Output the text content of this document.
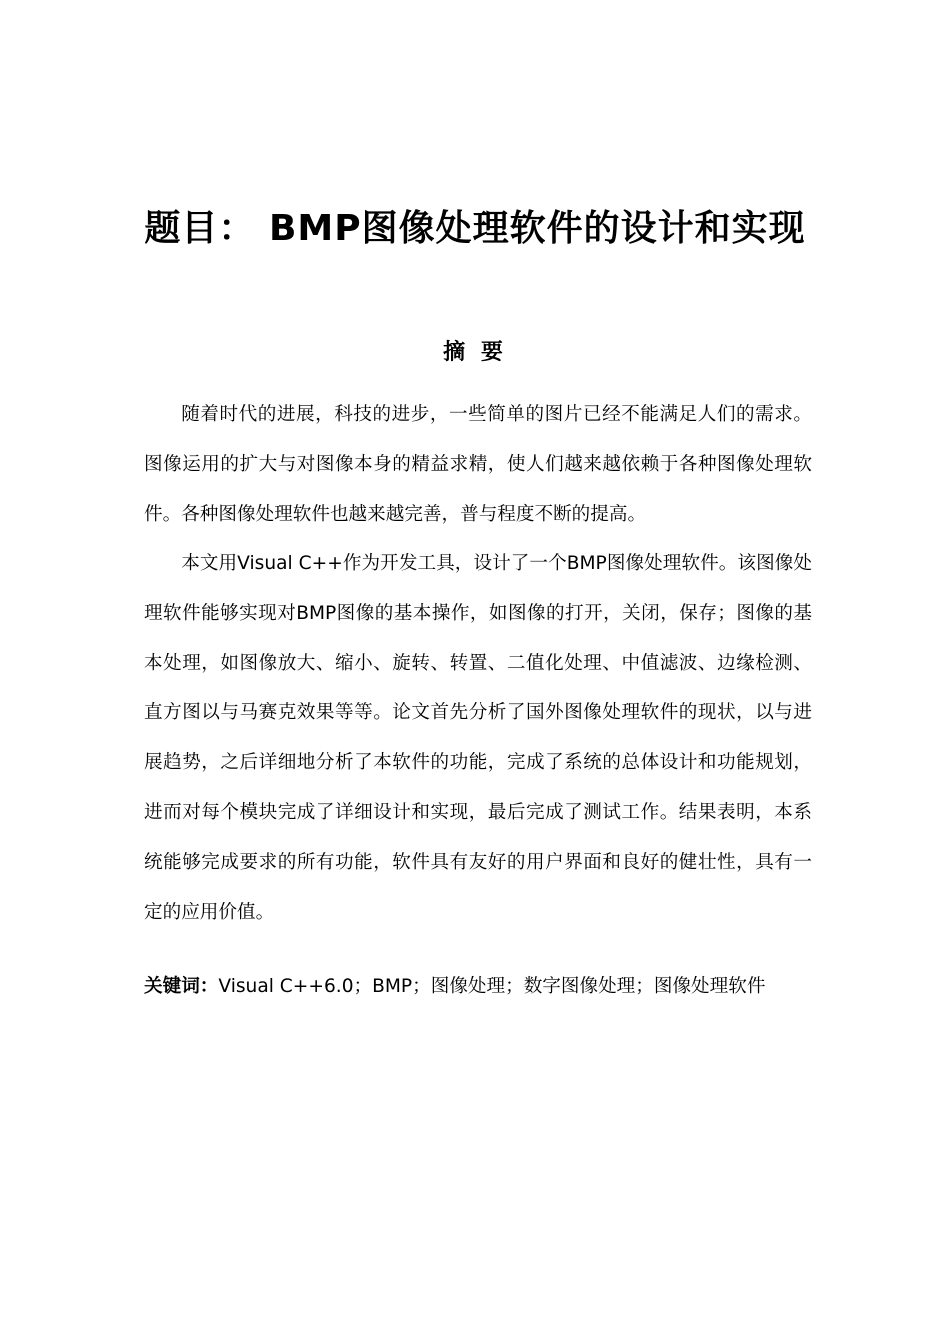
题目： BMP图像处理软件的设计和实现
摘 要

随着时代的进展，科技的进步，一些简单的图片已经不能满足人们的需求。图像运用的扩大与对图像本身的精益求精，使人们越来越依赖于各种图像处理软件。各种图像处理软件也越来越完善，普与程度不断的提高。

本文用Visual C++作为开发工具，设计了一个BMP图像处理软件。该图像处理软件能够实现对BMP图像的基本操作，如图像的打开，关闭，保存；图像的基本处理，如图像放大、缩小、旋转、转置、二值化处理、中值滤波、边缘检测、直方图以与马赛克效果等等。论文首先分析了国外图像处理软件的现状，以与进展趋势，之后详细地分析了本软件的功能，完成了系统的总体设计和功能规划，进而对每个模块完成了详细设计和实现，最后完成了测试工作。结果表明，本系统能够完成要求的所有功能，软件具有友好的用户界面和良好的健壮性，具有一定的应用价值。

关键词：Visual C++6.0；BMP；图像处理；数字图像处理；图像处理软件
